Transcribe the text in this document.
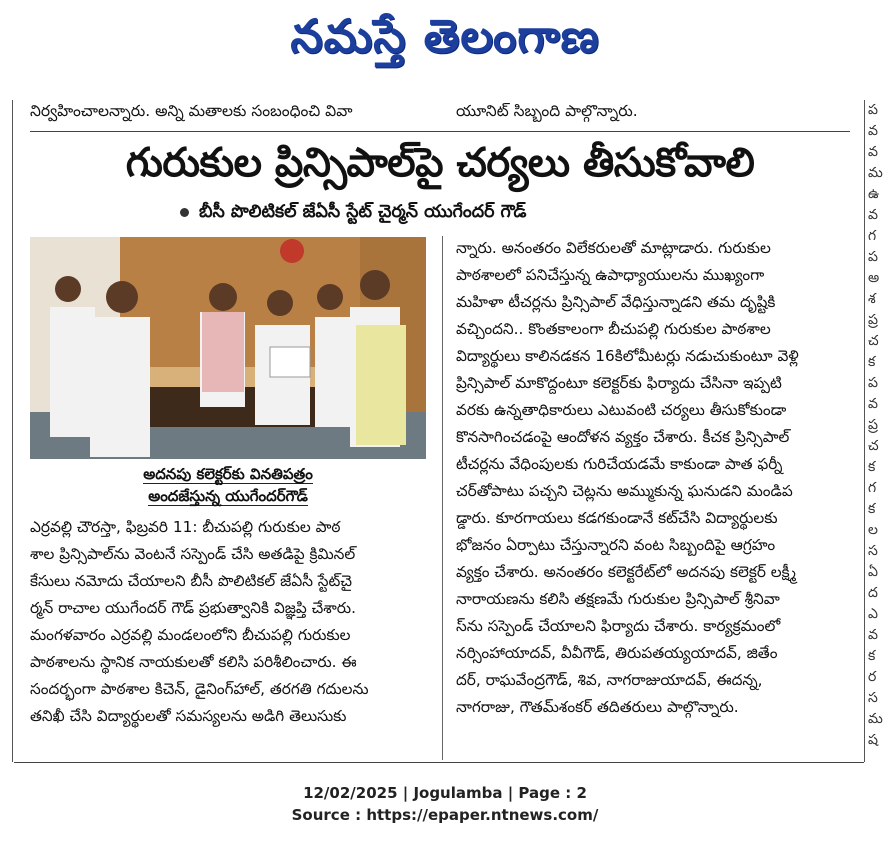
నమస్తే తెలంగాణ
ప
వ
వ
మ
ఉ
వ
గ
ప
అ
శ
ప్ర
చ
క
ప
వ
ప్ర
చ
క
గ
క
ల
స
ఏ
ద
ఎ
వ
క
ర
స
మ
ష
నిర్వహించాలన్నారు. అన్ని మతాలకు సంబంధించి వివా	యూనిట్ సిబ్బంది పాల్గొన్నారు.
గురుకుల ప్రిన్సిపాల్‌పై చర్యలు తీసుకోవాలి
బీసీ పొలిటికల్ జేఏసీ స్టేట్ చైర్మన్ యుగేందర్ గౌడ్
అదనపు కలెక్టర్‌కు వినతిపత్రం
అందజేస్తున్న యుగేందర్‌గౌడ్
ఎర్రవల్లి చౌరస్తా, ఫిబ్రవరి 11: బీచుపల్లి గురుకుల పాఠ
శాల ప్రిన్సిపాల్‌ను వెంటనే సస్పెండ్ చేసి అతడిపై క్రిమినల్
కేసులు నమోదు చేయాలని బీసీ పొలిటికల్ జేఏసీ స్టేట్‌చై
ర్మన్ రాచాల యుగేందర్ గౌడ్ ప్రభుత్వానికి విజ్ఞప్తి చేశారు.
మంగళవారం ఎర్రవల్లి మండలంలోని బీచుపల్లి గురుకుల
పాఠశాలను స్థానిక నాయకులతో కలిసి పరిశీలించారు. ఈ
సందర్భంగా పాఠశాల కిచెన్, డైనింగ్‌హాల్, తరగతి గదులను
తనిఖీ చేసి విద్యార్థులతో సమస్యలను అడిగి తెలుసుకు
న్నారు. అనంతరం విలేకరులతో మాట్లాడారు. గురుకుల
పాఠశాలలో పనిచేస్తున్న ఉపాధ్యాయులను ముఖ్యంగా
మహిళా టీచర్లను ప్రిన్సిపాల్ వేధిస్తున్నాడని తమ దృష్టికి
వచ్చిందని.. కొంతకాలంగా బీచుపల్లి గురుకుల పాఠశాల
విద్యార్థులు కాలినడకన 16కిలోమీటర్లు నడుచుకుంటూ వెళ్లి
ప్రిన్సిపాల్ మాకొద్దంటూ కలెక్టర్‌కు ఫిర్యాదు చేసినా ఇప్పటి
వరకు ఉన్నతాధికారులు ఎటువంటి చర్యలు తీసుకోకుండా
కొనసాగించడంపై ఆందోళన వ్యక్తం చేశారు. కీచక ప్రిన్సిపాల్
టీచర్లను వేధింపులకు గురిచేయడమే కాకుండా పాత ఫర్నీ
చర్‌తోపాటు పచ్చని చెట్లను అమ్ముకున్న ఘనుడని మండిప
డ్డారు. కూరగాయలు కడగకుండానే కట్‌చేసి విద్యార్థులకు
భోజనం ఏర్పాటు చేస్తున్నారని వంట సిబ్బందిపై ఆగ్రహం
వ్యక్తం చేశారు. అనంతరం కలెక్టరేట్‌లో అదనపు కలెక్టర్ లక్ష్మీ
నారాయణను కలిసి తక్షణమే గురుకుల ప్రిన్సిపాల్ శ్రీనివా
స్‌ను సస్పెండ్ చేయాలని ఫిర్యాదు చేశారు. కార్యక్రమంలో
నర్సింహాయాదవ్, వీవీగౌడ్, తిరుపతయ్యయాదవ్, జితేం
దర్, రాఘవేంద్రగౌడ్, శివ, నాగరాజుయాదవ్, ఈదన్న,
నాగరాజు, గౌతమ్‌శంకర్ తదితరులు పాల్గొన్నారు.
12/02/2025 | Jogulamba | Page : 2
Source : https://epaper.ntnews.com/
